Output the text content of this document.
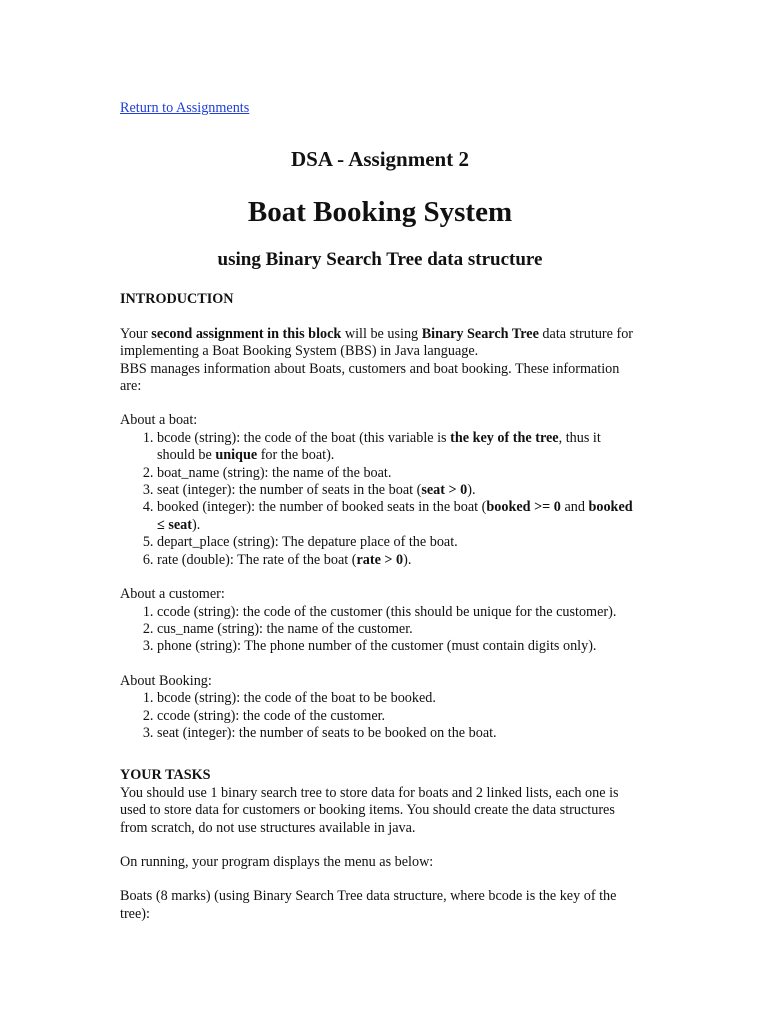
Return to Assignments
DSA - Assignment 2
Boat Booking System
using Binary Search Tree data structure
INTRODUCTION

Your second assignment in this block will be using Binary Search Tree data struture for implementing a Boat Booking System (BBS) in Java language.

BBS manages information about Boats, customers and boat booking. These information are:

About a boat:

1. bcode (string): the code of the boat (this variable is the key of the tree, thus it should be unique for the boat).
2. boat_name (string): the name of the boat.
3. seat (integer): the number of seats in the boat (seat > 0).
4. booked (integer): the number of booked seats in the boat (booked >= 0 and booked ≤ seat).
5. depart_place (string): The depature place of the boat.
6. rate (double): The rate of the boat (rate > 0).

About a customer:

1. ccode (string): the code of the customer (this should be unique for the customer).
2. cus_name (string): the name of the customer.
3. phone (string): The phone number of the customer (must contain digits only).

About Booking:

1. bcode (string): the code of the boat to be booked.
2. ccode (string): the code of the customer.
3. seat (integer): the number of seats to be booked on the boat.
YOUR TASKS

You should use 1 binary search tree to store data for boats and 2 linked lists, each one is used to store data for customers or booking items. You should create the data structures from scratch, do not use structures available in java.

On running, your program displays the menu as below:

Boats (8 marks) (using Binary Search Tree data structure, where bcode is the key of the tree):
